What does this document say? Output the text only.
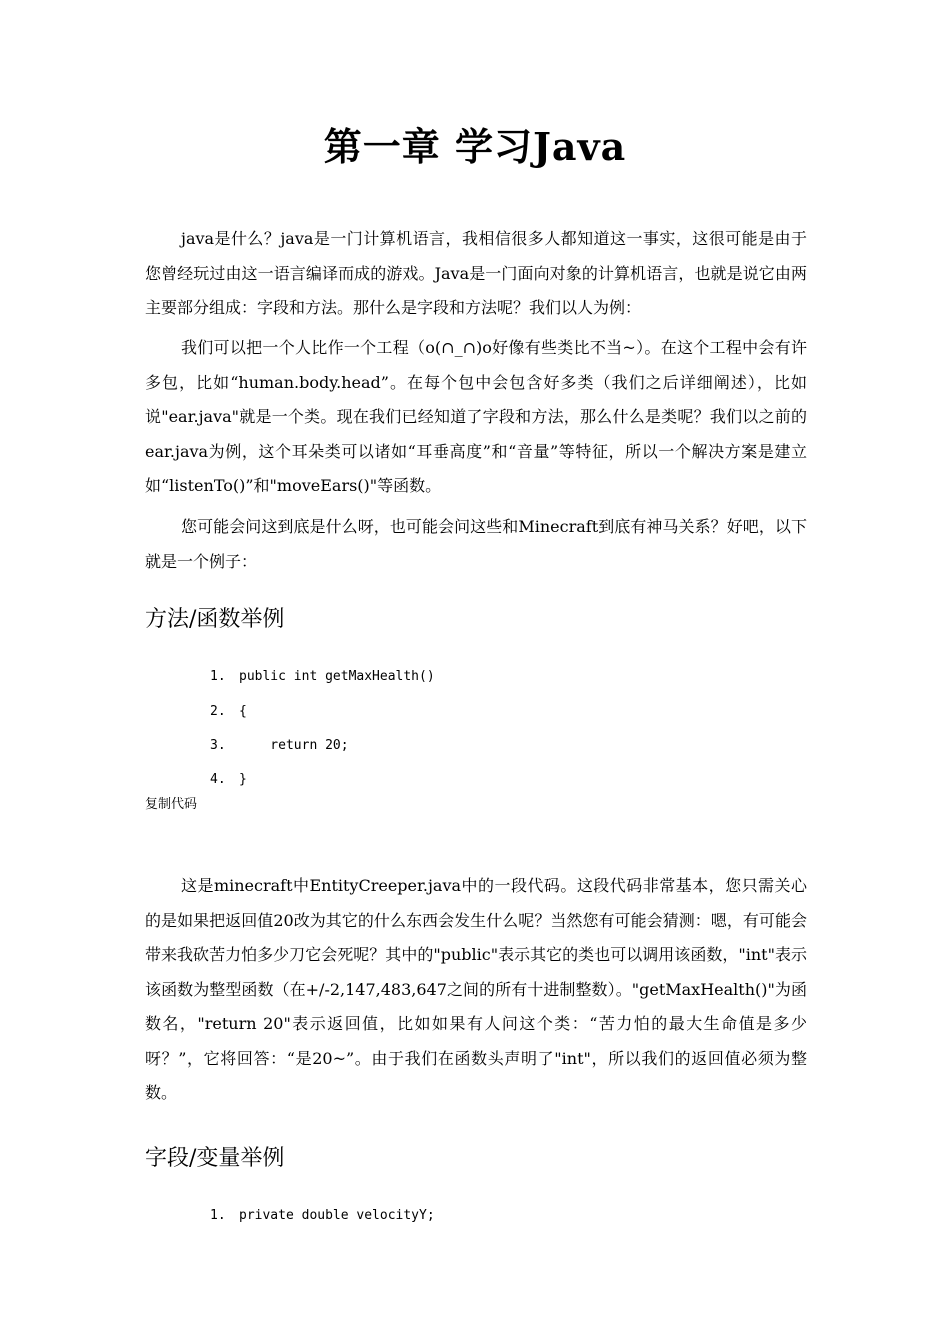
第一章 学习Java

java是什么？java是一门计算机语言，我相信很多人都知道这一事实，这很可能是由于您曾经玩过由这一语言编译而成的游戏。Java是一门面向对象的计算机语言，也就是说它由两主要部分组成：字段和方法。那什么是字段和方法呢？我们以人为例：

我们可以把一个人比作一个工程（o(∩_∩)o好像有些类比不当~）。在这个工程中会有许多包，比如“human.body.head”。在每个包中会包含好多类（我们之后详细阐述），比如说"ear.java"就是一个类。现在我们已经知道了字段和方法，那么什么是类呢？我们以之前的ear.java为例，这个耳朵类可以诸如“耳垂高度”和“音量”等特征，所以一个解决方案是建立如“listenTo()”和"moveEars()"等函数。

您可能会问这到底是什么呀，也可能会问这些和Minecraft到底有神马关系？好吧，以下就是一个例子：

方法/函数举例
1. public int getMaxHealth()
2. {
3.    return 20;
4. }
复制代码

这是minecraft中EntityCreeper.java中的一段代码。这段代码非常基本，您只需关心的是如果把返回值20改为其它的什么东西会发生什么呢？当然您有可能会猜测：嗯，有可能会带来我砍苦力怕多少刀它会死呢？其中的"public"表示其它的类也可以调用该函数，"int"表示该函数为整型函数（在+/-2,147,483,647之间的所有十进制整数）。"getMaxHealth()"为函数名，"return 20"表示返回值，比如如果有人问这个类：“苦力怕的最大生命值是多少呀？”，它将回答：“是20~”。由于我们在函数头声明了"int"，所以我们的返回值必须为整数。

字段/变量举例
1. private double velocityY;
